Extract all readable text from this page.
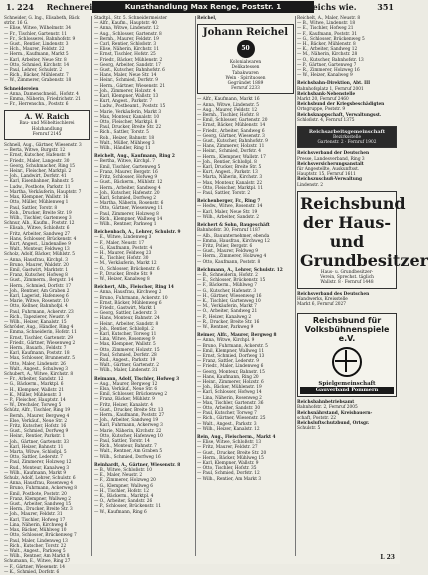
1. 224 Rechnerei	Kunsthandlung Max Renge, Poststr. 1	Reichs wie.	351
Schneider, G. Ing., Elisabeth, Bäck
strbr. 16 G.
— Elise, Witwe, Wilhelmstr. 34
— Fr., Tischler, Gartenstr. 11
— Fr., Schlosserei, Bahnhofstr. 9
— Gust., Rentier, Lindenstr. 3
— Hch., Maurer, Feldstr. 22
— Herm., Kaufmann, Markt 5
— Karl, Arbeiter, Neue Str. 8
— Otto, Schmied, Kirchstr. 14
— Paul, Lehrer, Schulstr. 2
— Rich., Bäcker, Mühlenstr. 7
— W., Zimmerer, Grabenstr. 18
Schneidereien
— Anna, Damenschneid., Hofstr. 4
— Emma, Näherin, Friedrichstr. 21
— Fr., Herrenschn., Poststr. 6
A. W. Raich
Bau- und Möbeltischlerei
Holzhandlung
Fernruf 2145
Schnell, Aug., Gärtner, Wiesenstr. 3
— Berta, Witwe, Burgstr. 12
— Ernst, Kutscher, Hafenstr. 9
— Friedr., Maler, Langestr. 30
— Georg, Schuhmacher, Ring 15
— Heinr., Fleischer, Marktpl. 2
— Joh., Landwirt, Dorfstr. 41
— Karl, Eisenbahner, Bahnstr. 5
— Ludw., Postbote, Parkstr. 11
— Martha, Verkäuferin, Hauptstr. 7
— Max, Klempner, Wallstr. 16
— Otto, Müller, Mühlenweg 1
— Paul, Sattler, Torstr. 8
— Rob., Drucker, Breite Str. 19
— Wilh., Tischler, Gartenweg 3
Schnur, Alb., Kaufm., Poststr. 12
— Elisab., Witwe, Schloßstr. 6
— Fritz, Arbeiter, Sandweg 27
— Hans, Schlosser, Brückenstr. 4
— Kurt, Angest., Lindenallee 9
— Walt., Monteur, Feldweg 13
Scholz, Adolf, Bäcker, Mühlstr. 5
— Anna, Hausfrau, Kirchpl. 3
— Bruno, Maurer, Waldstr. 20
— Emil, Gastwirt, Marktstr. 1
— Franz, Kutscher, Hofweg 8
— Gust., Zimmerm., Bergstr. 14
— Herm., Schmied, Dorfstr. 17
— Joh., Rentner, Am Graben 2
— Karl, Lagerist, Hafenweg 6
— Marie, Witwe, Rosenstr. 10
— Otto, Kellner, Bahnhofpl. 4
— Paul, Fuhrmann, Ackerstr. 23
— Rich., Tapezierer, Neustr. 9
— Wilh., Heizer, Kanalstr. 15
Schröder, Aug., Händler, Ring 4
— Emma, Schneiderin, Hofstr. 11
— Ernst, Tischler, Gartenstr. 29
— Friedr., Gärtner, Wiesenweg 2
— Herm., Bauarb., Feldstr. 7
— Karl, Kaufmann, Poststr. 18
— Max, Schlosser, Brunnenstr. 5
— Otto, Maler, Lindenstr. 26
— Walt., Angest., Schulweg 3
Schubert, A., Witwe, Kirchstr. 8
— Fr., Arbeiter, Sandstr. 12
— G., Bäckerm., Marktpl. 6
— H., Klempner, Wallstr. 21
— K., Müller, Mühlenstr. 3
— P., Fleischer, Hauptstr. 14
— W., Drechsler, Torweg 5
Schütz, Alfr., Tischler, Ring 19
— Bernh., Maurer, Bergweg 4
— Else, Verkäuf., Neue Str. 2
— Fritz, Kutscher, Hofstr. 16
— Gust., Schmied, Dorfweg 9
— Heinr., Rentier, Parkstr. 1
— Joh., Gärtner, Gartenstr. 33
— Karl, Heizer, Bahnstr. 11
— Marta, Witwe, Schloßpl. 5
— Otto, Sattler, Lederstr. 7
— Paul, Zimmerer, Holzweg 12
— Rud., Monteur, Kanalweg 3
— Wilh., Kaufmann, Markt 9
Schulz, Adolf, Lehrer, Schulstr. 6
— Anna, Hausfrau, Rosenweg 4
— Bruno, Fuhrmann, Ackerweg 8
— Emil, Postbote, Poststr. 20
— Franz, Klempner, Wallweg 2
— Gust., Arbeiter, Sandweg 15
— Herm., Drucker, Breite Str. 3
— Joh., Maurer, Feldstr. 31
— Karl, Tischler, Hofweg 17
— Lina, Näherin, Kirchweg 6
— Max, Bäcker, Mühlweg 10
— Otto, Schlosser, Brückenweg 7
— Paul, Maler, Lindenweg 13
— Rich., Kutscher, Torstr. 22
— Walt., Angest., Parkweg 5
— Wilh., Rentner, Am Markt 8
Schumann, E., Witwe, Ring 27
— F., Gärtner, Wiesenstr. 14
— K., Schmied, Dorfstr. 6
Stadtpl., Str. 5. Schneidermeister
— Alfr., Kaufm., Hauptstr. 40
— Anna, Witwe, Lindenstr. 12
— Aug., Schlosser, Gartenstr. 8
— Bernh., Maurer, Feldstr. 19
— Carl, Rentier, Schloßstr. 3
— Elise, Näherin, Kirchstr. 11
— Ernst, Tischler, Hofstr. 25
— Friedr., Bäcker, Mühlenstr. 2
— Georg, Arbeiter, Sandstr. 17
— Gust., Kutscher, Bahnhofstr. 6
— Hans, Maler, Neue Str. 14
— Heinr., Schmied, Dorfstr. 9
— Herm., Gärtner, Wiesenstr. 21
— Joh., Zimmerer, Holzstr. 4
— Karl, Klempner, Wallstr. 13
— Kurt, Angest., Parkstr. 7
— Ludw., Postbeamt., Poststr. 15
— Marie, Verkäuferin, Markt 3
— Max, Monteur, Kanalstr. 10
— Otto, Fleischer, Marktpl. 8
— Paul, Drucker, Breite Str. 22
— Rich., Sattler, Torstr. 5
— Rob., Heizer, Bahnstr. 18
— Walt., Müller, Mühlweg 3
— Wilh., Händler, Ring 11
Reichelt, Aug., Kaufmann, Ring 2
— Bertha, Witwe, Kirchpl. 7
— Emil, Tischler, Gartenweg 5
— Franz, Maurer, Bergstr. 16
— Fritz, Schlosser, Hofweg 9
— Gust., Bäckerm., Mühlstr. 12
— Herm., Arbeiter, Sandweg 4
— Joh., Kutscher, Hafenstr. 20
— Karl, Schmied, Dorfweg 2
— Martha, Näherin, Rosenstr. 6
— Otto, Gärtner, Wiesenweg 11
— Paul, Zimmerer, Holzweg 8
— Rich., Klempner, Wallweg 14
— Wilh., Rentner, Parkweg 1
Reichenbach, A., Lehrer, Schulstr. 9
— E., Witwe, Lindenweg 3
— F., Maler, Neustr. 17
— G., Kaufmann, Poststr. 4
— H., Maurer, Feldweg 23
— K., Tischler, Hofstr. 30
— M., Verkäuferin, Markt 12
— O., Schlosser, Brückenstr. 6
— P., Drucker, Breite Str. 9
— W., Heizer, Kanalweg 8
Reichert, Alb., Fleischer, Ring 14
— Anna, Hausfrau, Kirchweg 2
— Bruno, Fuhrmann, Ackerstr. 10
— Ernst, Bäcker, Mühlenweg 6
— Friedr., Gastwirt, Markt 1
— Georg, Sattler, Lederstr. 3
— Hans, Monteur, Bahnstr. 24
— Heinr., Arbeiter, Sandstr. 8
— Joh., Rentier, Schloßpl. 2
— Karl, Kutscher, Torweg 11
— Lina, Witwe, Rosenweg 9
— Max, Klempner, Wallstr. 5
— Otto, Zimmerer, Holzstr. 15
— Paul, Schmied, Dorfstr. 28
— Rud., Angest., Parkstr. 19
— Walt., Gärtner, Gartenstr. 2
— Wilh., Maler, Lindenstr. 31
Reimann, Adolf, Tischler, Hofweg 3
— Aug., Maurer, Bergweg 12
— Elsa, Verkäuf., Neue Str. 6
— Emil, Schlosser, Brückenweg 2
— Franz, Bäcker, Mühlstr. 9
— Fritz, Heizer, Kanalstr. 4
— Gust., Drucker, Breite Str. 13
— Herm., Kaufmann, Poststr. 27
— Joh., Arbeiter, Sandweg 19
— Karl, Fuhrmann, Ackerweg 3
— Marie, Näherin, Kirchstr. 22
— Otto, Kutscher, Hafenweg 10
— Paul, Sattler, Torstr. 14
— Rich., Monteur, Bahnstr. 7
— Walt., Rentner, Am Graben 5
— Wilh., Schmied, Dorfweg 16
Reinhardt, A., Gärtner, Wiesenstr. 8
— B., Witwe, Schloßstr. 10
— E., Maler, Neustr. 2
— F., Zimmerer, Holzweg 20
— G., Klempner, Wallweg 6
— H., Tischler, Hofstr. 12
— K., Bäckerm., Marktpl. 4
— O., Arbeiter, Sandstr. 26
— P., Schlosser, Brückenstr. 11
— W., Kaufmann, Ring 6
Reichel,
Johann Reichel
50
Kolonialwaren
Delikatessen
Tabakwaren
Wein · Spirituosen
Gegründet 1889
Fernruf 2233
— Alfr., Kaufmann, Markt 16
— Anna, Witwe, Lindenstr. 5
— Aug., Maurer, Feldstr. 12
— Bernh., Tischler, Hofstr. 8
— Emil, Schlosser, Gartenstr. 20
— Ernst, Bäcker, Mühlenstr. 14
— Friedr., Arbeiter, Sandweg 6
— Georg, Gärtner, Wiesenstr. 3
— Gust., Kutscher, Bahnhofstr. 9
— Hans, Zimmerer, Holzstr. 11
— Heinr., Schmied, Dorfstr. 4
— Herm., Klempner, Wallstr. 17
— Joh., Rentier, Schloßpl. 8
— Karl, Drucker, Breite Str. 5
— Kurt, Angest., Parkstr. 13
— Marta, Näherin, Kirchstr. 3
— Max, Monteur, Kanalstr. 22
— Otto, Fleischer, Marktpl. 11
— Paul, Sattler, Torstr. 2
Reichenberger, Fr., Ring 7
— Hedw., Witwe, Rosenstr. 14
— Karl, Maler, Neue Str. 19
— Wilh., Arbeiter, Sandstr. 2
Reichert & Sohn, Baugeschäft
Bahnhofstr. 30, Fernruf 1187
— Alb., Bauunternehmer, ebenda
— Emma, Hausfrau, Kirchweg 12
— Fritz, Polier, Bergstr. 6
— Gust., Maurer, Feldweg 9
— Herm., Zimmerer, Holzweg 4
— Otto, Kaufmann, Poststr. 8
Reichmann, A., Lehrer, Schulstr. 12
— B., Schneiderin, Hofstr. 2
— E., Schlosser, Brückenstr. 15
— F., Bäckerm., Mühlweg 7
— G., Kutscher, Hafenstr. 3
— H., Gärtner, Wiesenweg 16
— K., Tischler, Gartenweg 10
— M., Verkäuferin, Markt 7
— O., Arbeiter, Sandweg 21
— P., Heizer, Kanalweg 2
— R., Drucker, Breite Str. 16
— W., Rentner, Parkweg 9
Reimer, Alfr., Maurer, Bergweg 8
— Anna, Witwe, Kirchpl. 9
— Bruno, Fuhrmann, Ackerstr. 5
— Emil, Klempner, Wallweg 11
— Ernst, Schmied, Dorfweg 13
— Franz, Sattler, Lederstr. 9
— Friedr., Maler, Lindenweg 6
— Georg, Monteur, Bahnstr. 15
— Hans, Kaufmann, Ring 20
— Heinr., Zimmerer, Holzstr. 6
— Joh., Bäcker, Mühlenstr. 19
— Karl, Schlosser, Hofweg 14
— Lina, Näherin, Rosenweg 2
— Max, Tischler, Gartenstr. 36
— Otto, Arbeiter, Sandstr. 30
— Paul, Kutscher, Torweg 7
— Rich., Gärtner, Wiesenstr. 25
— Walt., Angest., Parkstr. 3
— Wilh., Heizer, Kanalstr. 12
Rein, Aug., Fleischerm., Markt 4
— Elise, Witwe, Schloßstr. 13
— Fritz, Maurer, Feldstr. 27
— Gust., Drucker, Breite Str. 20
— Herm., Bäcker, Mühlweg 15
— Karl, Klempner, Wallstr. 9
— Otto, Tischler, Hofstr. 35
— Paul, Schmied, Dorfstr. 12
— Wilh., Rentier, Am Markt 3
Reichelt, A., Maler, Neustr. 8
— B., Witwe, Lindenstr. 18
— E., Tischler, Hofweg 21
— F., Kaufmann, Poststr. 31
— G., Schlosser, Brückenweg 5
— H., Bäcker, Mühlenstr. 8
— K., Arbeiter, Sandweg 12
— M., Näherin, Kirchstr. 28
— O., Kutscher, Bahnhofstr. 13
— P., Gärtner, Gartenweg 7
— R., Zimmerer, Holzweg 16
— W., Heizer, Kanalweg 9
Reichsbahn-Direktion, Abt. III
Bahnhofsplatz 1, Fernruf 2001
Reichsbank-Nebenstelle
Markt 20, Fernruf 2460
Reichsbund der Kriegsbeschädigten
Ortsgruppe, Poststr. 9
Reichsknappschaft, Verwaltungsst.
Schloßstr. 4, Fernruf 1375
Reichsarbeitsgemeinschaft
Bezirksstelle
Gartenstr. 2 · Fernruf 1902
Reichsverband der Deutschen
Presse, Landesverband, Ring 3
Reichsversicherungsanstalt
für Angestellte, Auskunftsst.
Hauptstr. 15, Fernruf 1611
Reichszuschuß-Verwaltung
Lindenstr. 2
Reichsbund der Haus- und Grundbesitzer
Haus- u. Grundbesitzer-
Verein, Sprechst. täglich
Wallstr. 8 · Fernruf 1448
Reichsverband des Deutschen
Handwerks, Kreisstelle
Markt 6, Fernruf 2027
Reichsbund für Volksbühnenspiele e.V.
Spielgemeinschaft
Gauverband Pommern
Reichsbahnbetriebsamt
Bahnhofstr. 2, Fernruf 2005
Reichsnährstand, Kreisbauern-
schaft, Poststr. 22
Reichsluftschutzbund, Ortsgr.
Schulstr. 5
L 23
